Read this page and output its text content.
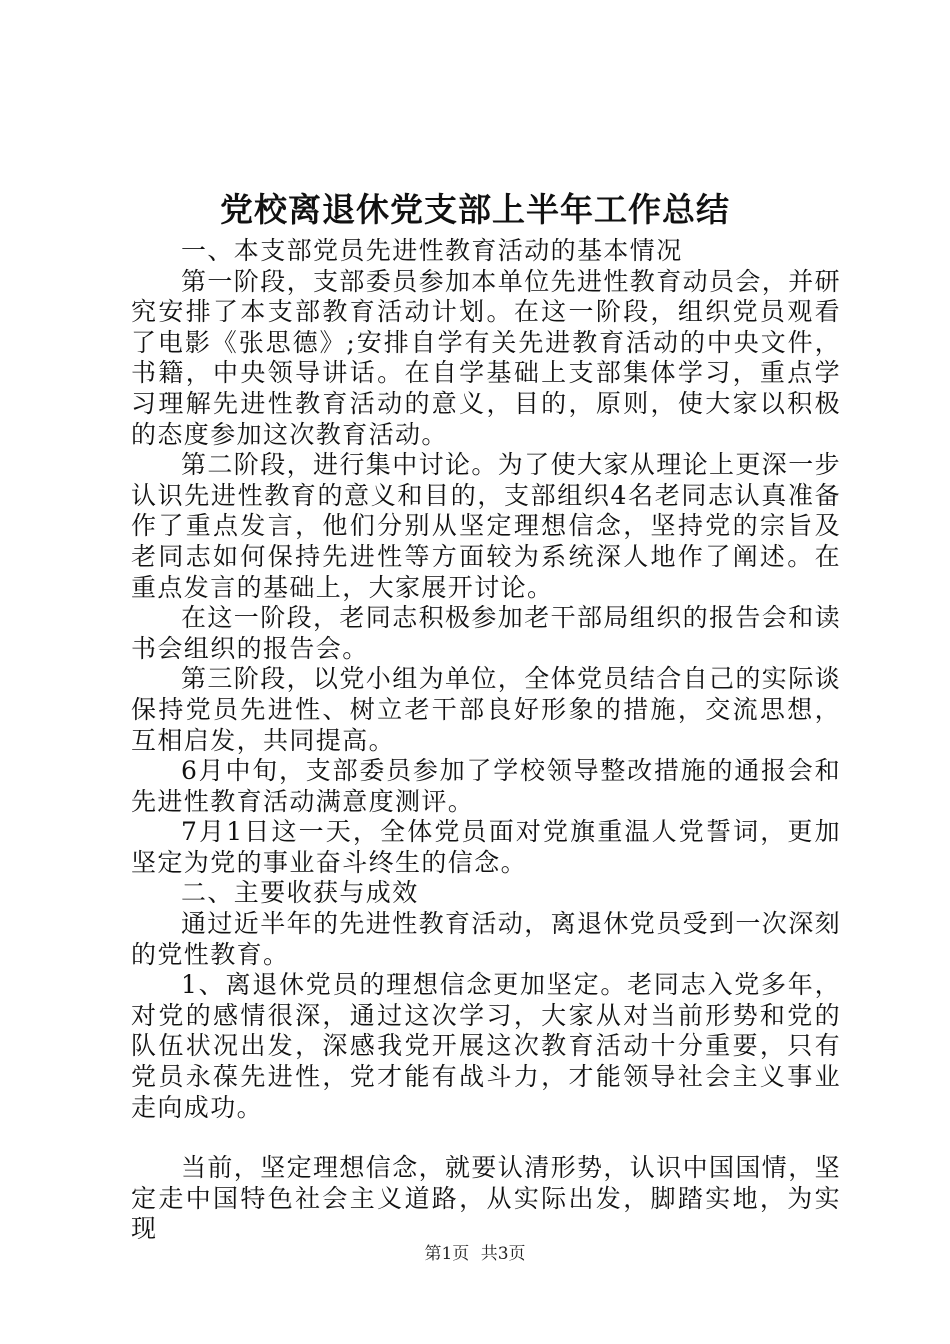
党校离退休党支部上半年工作总结

一、本支部党员先进性教育活动的基本情况

第一阶段，支部委员参加本单位先进性教育动员会，并研究安排了本支部教育活动计划。在这一阶段，组织党员观看了电影《张思德》;安排自学有关先进教育活动的中央文件，书籍，中央领导讲话。在自学基础上支部集体学习，重点学习理解先进性教育活动的意义，目的，原则，使大家以积极的态度参加这次教育活动。

第二阶段，进行集中讨论。为了使大家从理论上更深一步认识先进性教育的意义和目的，支部组织4名老同志认真准备作了重点发言，他们分别从坚定理想信念，坚持党的宗旨及老同志如何保持先进性等方面较为系统深人地作了阐述。在重点发言的基础上，大家展开讨论。

在这一阶段，老同志积极参加老干部局组织的报告会和读书会组织的报告会。

第三阶段，以党小组为单位，全体党员结合自己的实际谈保持党员先进性、树立老干部良好形象的措施，交流思想，互相启发，共同提高。

6月中旬，支部委员参加了学校领导整改措施的通报会和先进性教育活动满意度测评。

7月1日这一天，全体党员面对党旗重温人党誓词，更加坚定为党的事业奋斗终生的信念。

二、主要收获与成效

通过近半年的先进性教育活动，离退休党员受到一次深刻的党性教育。

1、离退休党员的理想信念更加坚定。老同志入党多年，对党的感情很深，通过这次学习，大家从对当前形势和党的队伍状况出发，深感我党开展这次教育活动十分重要，只有党员永葆先进性，党才能有战斗力，才能领导社会主义事业走向成功。

当前，坚定理想信念，就要认清形势，认识中国国情，坚定走中国特色社会主义道路，从实际出发，脚踏实地，为实现

第1页 共3页
